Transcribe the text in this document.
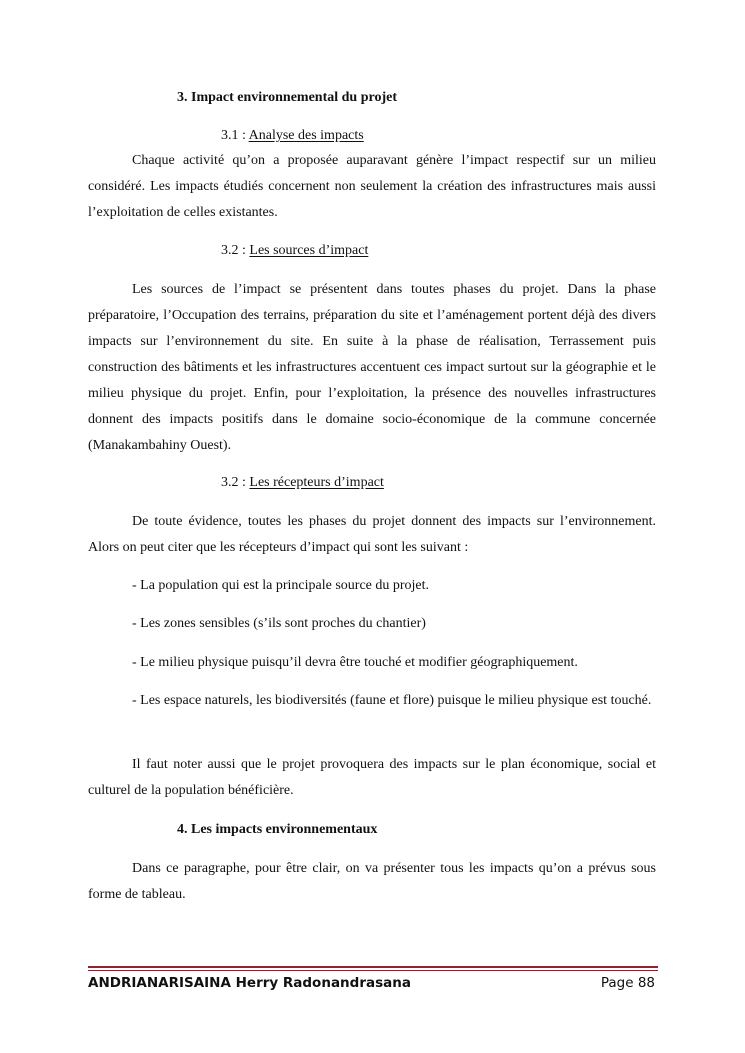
3. Impact environnemental du projet
3.1 : Analyse des impacts
Chaque activité qu’on a proposée auparavant génère l’impact respectif sur un milieu considéré. Les impacts étudiés concernent non seulement la création des infrastructures mais aussi l’exploitation de celles existantes.
3.2 : Les sources d’impact
Les sources de l’impact se présentent dans toutes phases du projet. Dans la phase préparatoire, l’Occupation des terrains, préparation du site et l’aménagement portent déjà des divers impacts sur l’environnement du site. En suite à la phase de réalisation, Terrassement puis construction des bâtiments et les infrastructures accentuent ces impact surtout sur la géographie et le milieu physique du projet. Enfin, pour l’exploitation, la présence des nouvelles infrastructures donnent des impacts positifs dans le domaine socio-économique de la commune concernée (Manakambahiny Ouest).
3.2 : Les récepteurs d’impact
De toute évidence, toutes les phases du projet donnent des impacts sur l’environnement. Alors on peut citer que les récepteurs d’impact qui sont les suivant :
- La population qui est la principale source du projet.
- Les zones sensibles (s’ils sont proches du chantier)
- Le milieu physique puisqu’il devra être touché et modifier géographiquement.
- Les espace naturels, les biodiversités (faune et flore) puisque le milieu physique est touché.
Il faut noter aussi que le projet provoquera des impacts sur le plan économique, social et culturel de la population bénéficière.
4. Les impacts environnementaux
Dans ce paragraphe, pour être clair, on va présenter tous les impacts qu’on a prévus sous forme de tableau.
ANDRIANARISAINA Herry Radonandrasana	Page 88
